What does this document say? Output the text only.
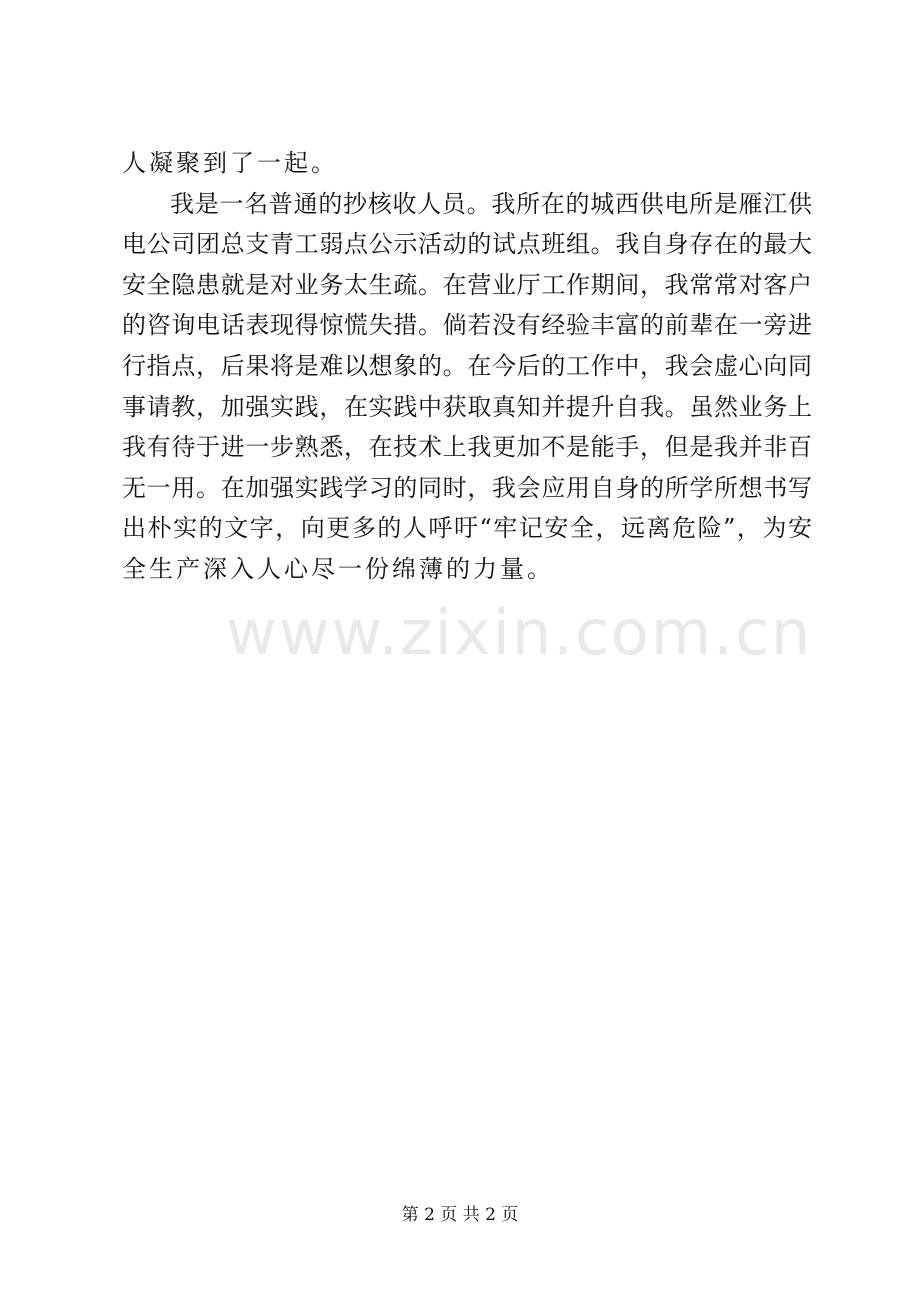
人凝聚到了一起。
我是一名普通的抄核收人员。我所在的城西供电所是雁江供
电公司团总支青工弱点公示活动的试点班组。我自身存在的最大
安全隐患就是对业务太生疏。在营业厅工作期间，我常常对客户
的咨询电话表现得惊慌失措。倘若没有经验丰富的前辈在一旁进
行指点，后果将是难以想象的。在今后的工作中，我会虚心向同
事请教，加强实践，在实践中获取真知并提升自我。虽然业务上
我有待于进一步熟悉，在技术上我更加不是能手，但是我并非百
无一用。在加强实践学习的同时，我会应用自身的所学所想书写
出朴实的文字，向更多的人呼吁“牢记安全，远离危险”，为安
全生产深入人心尽一份绵薄的力量。
www.zixin.com.cn
第 2 页 共 2 页
